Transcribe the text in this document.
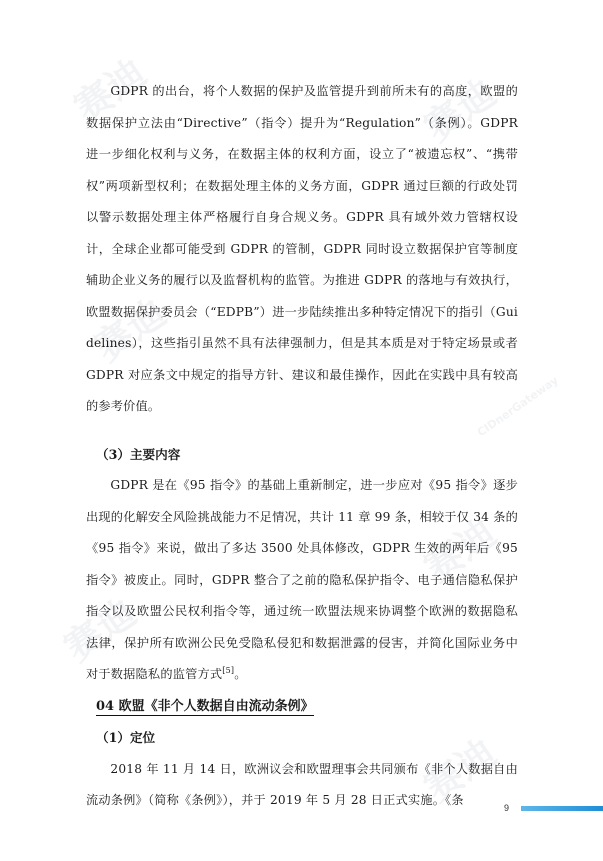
赛迪	赛迪
赛迪
CIDnerGateway
赛迪
赛迪
赛迪

GDPR 的出台，将个人数据的保护及监管提升到前所未有的高度，欧盟的数据保护立法由“Directive”（指令）提升为“Regulation”（条例）。GDPR 进一步细化权利与义务，在数据主体的权利方面，设立了“被遗忘权”、“携带权”两项新型权利；在数据处理主体的义务方面，GDPR 通过巨额的行政处罚以警示数据处理主体严格履行自身合规义务。GDPR 具有域外效力管辖权设计，全球企业都可能受到 GDPR 的管制，GDPR 同时设立数据保护官等制度辅助企业义务的履行以及监督机构的监管。为推进 GDPR 的落地与有效执行，欧盟数据保护委员会（“EDPB”）进一步陆续推出多种特定情况下的指引（Guidelines），这些指引虽然不具有法律强制力，但是其本质是对于特定场景或者 GDPR 对应条文中规定的指导方针、建议和最佳操作，因此在实践中具有较高的参考价值。

（3）主要内容

GDPR 是在《95 指令》的基础上重新制定，进一步应对《95 指令》逐步出现的化解安全风险挑战能力不足情况，共计 11 章 99 条，相较于仅 34 条的《95 指令》来说，做出了多达 3500 处具体修改，GDPR 生效的两年后《95 指令》被废止。同时，GDPR 整合了之前的隐私保护指令、电子通信隐私保护指令以及欧盟公民权利指令等，通过统一欧盟法规来协调整个欧洲的数据隐私法律，保护所有欧洲公民免受隐私侵犯和数据泄露的侵害，并简化国际业务中对于数据隐私的监管方式[5]。

04 欧盟《非个人数据自由流动条例》

（1）定位

2018 年 11 月 14 日，欧洲议会和欧盟理事会共同颁布《非个人数据自由流动条例》（简称《条例》），并于 2019 年 5 月 28 日正式实施。《条

9
